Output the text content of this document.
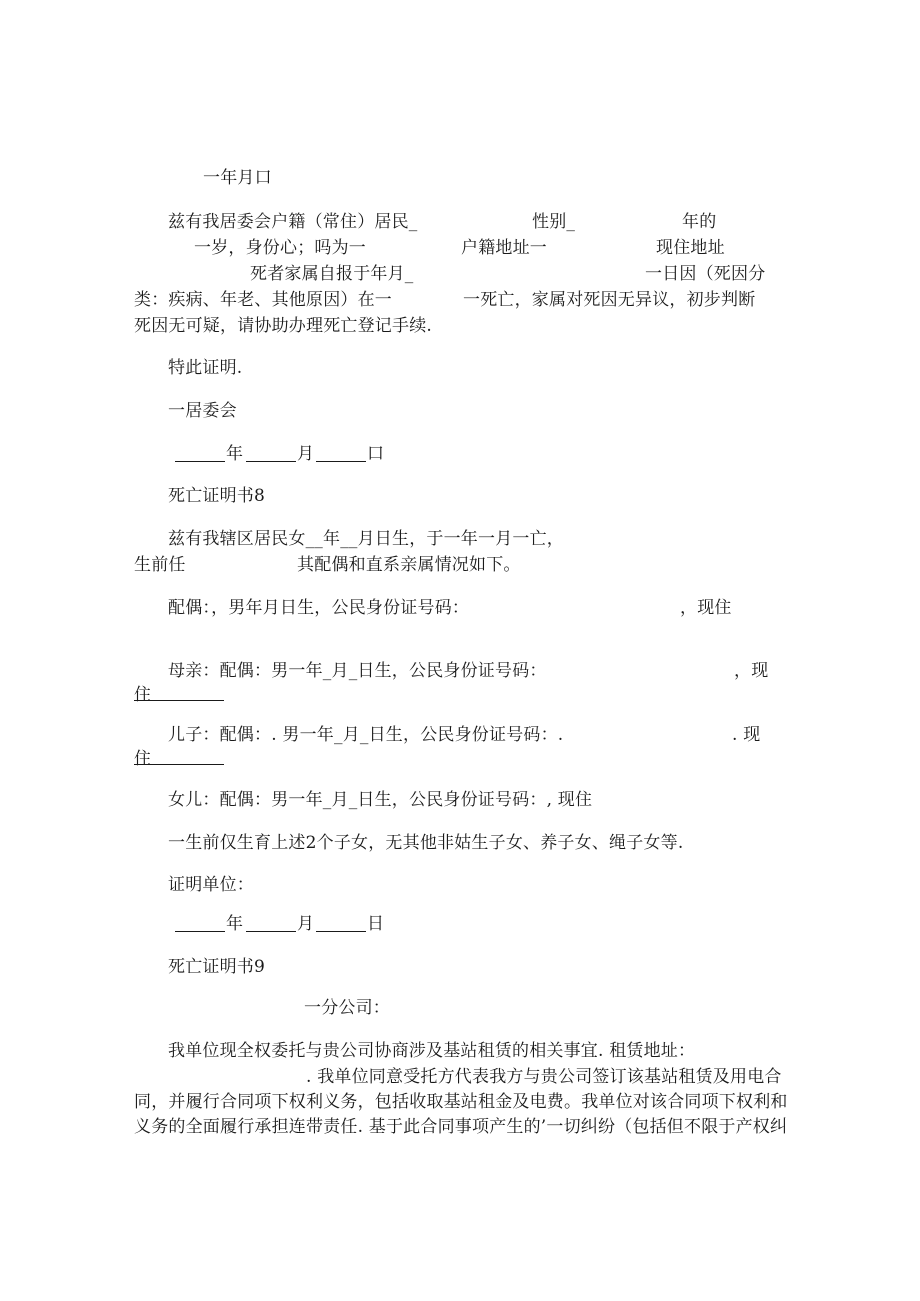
一年月口
兹有我居委会户籍（常住）居民_	性别_	年的
一岁，身份心；吗为一	户籍地址一	现住地址
死者家属自报于年月_	一日因（死因分
类：疾病、年老、其他原因）在一	一死亡，家属对死因无异议，初步判断
死因无可疑，请协助办理死亡登记手续.
特此证明.
一居委会
年	月	口
死亡证明书8
兹有我辖区居民女__年__月日生，于一年一月一亡，
生前任	其配偶和直系亲属情况如下。
配偶：，男年月日生，公民身份证号码：	，现住
母亲：配偶：男一年_月_日生，公民身份证号码：	，现
住
儿子：配偶：. 男一年_月_日生，公民身份证号码：.	. 现
住
女儿：配偶：男一年_月_日生，公民身份证号码：, 现住
一生前仅生育上述2个子女，无其他非姑生子女、养子女、绳子女等.
证明单位：
年	月	日
死亡证明书9
一分公司：
我单位现全权委托与贵公司协商涉及基站租赁的相关事宜. 租赁地址：
. 我单位同意受托方代表我方与贵公司签订该基站租赁及用电合
同，并履行合同项下权利义务，包括收取基站租金及电费。我单位对该合同项下权利和
义务的全面履行承担连带责任. 基于此合同事项产生的’一切纠纷（包括但不限于产权纠
